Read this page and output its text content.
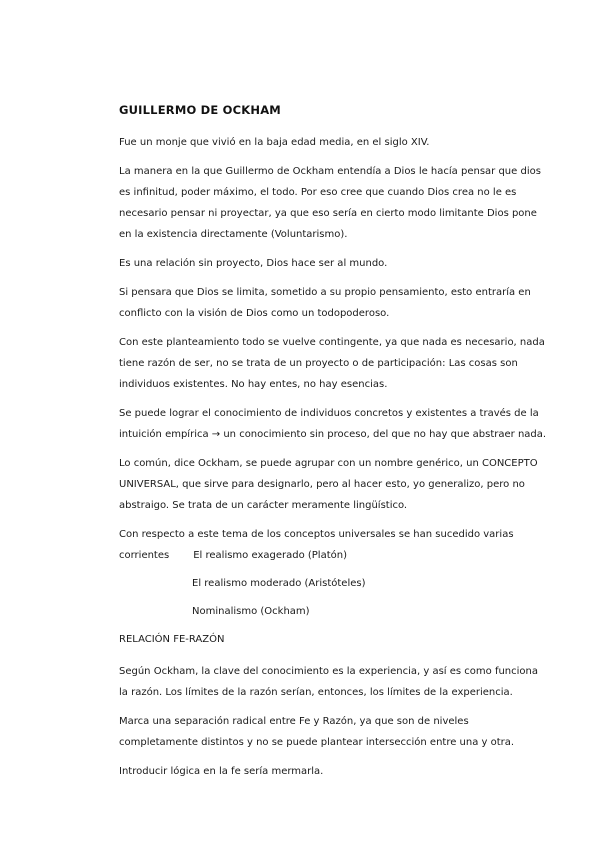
GUILLERMO DE OCKHAM

Fue un monje que vivió en la baja edad media, en el siglo XIV.

La manera en la que Guillermo de Ockham entendía a Dios le hacía pensar que dios es infinitud, poder máximo, el todo. Por eso cree que cuando Dios crea no le es necesario pensar ni proyectar, ya que eso sería en cierto modo limitante Dios pone en la existencia directamente (Voluntarismo).

Es una relación sin proyecto, Dios hace ser al mundo.

Si pensara que Dios se limita, sometido a su propio pensamiento, esto entraría en conflicto con la visión de Dios como un todopoderoso.

Con este planteamiento todo se vuelve contingente, ya que nada es necesario, nada tiene razón de ser, no se trata de un proyecto o de participación: Las cosas son individuos existentes. No hay entes, no hay esencias.

Se puede lograr el conocimiento de individuos concretos y existentes a través de la intuición empírica → un conocimiento sin proceso, del que no hay que abstraer nada.

Lo común, dice Ockham, se puede agrupar con un nombre genérico, un CONCEPTO UNIVERSAL, que sirve para designarlo, pero al hacer esto, yo generalizo, pero no abstraigo. Se trata de un carácter meramente lingüístico.

Con respecto a este tema de los conceptos universales se han sucedido varias
corrientes El realismo exagerado (Platón)
El realismo moderado (Aristóteles)
Nominalismo (Ockham)
RELACIÓN FE-RAZÓN

Según Ockham, la clave del conocimiento es la experiencia, y así es como funciona la razón. Los límites de la razón serían, entonces, los límites de la experiencia.

Marca una separación radical entre Fe y Razón, ya que son de niveles completamente distintos y no se puede plantear intersección entre una y otra.

Introducir lógica en la fe sería mermarla.
